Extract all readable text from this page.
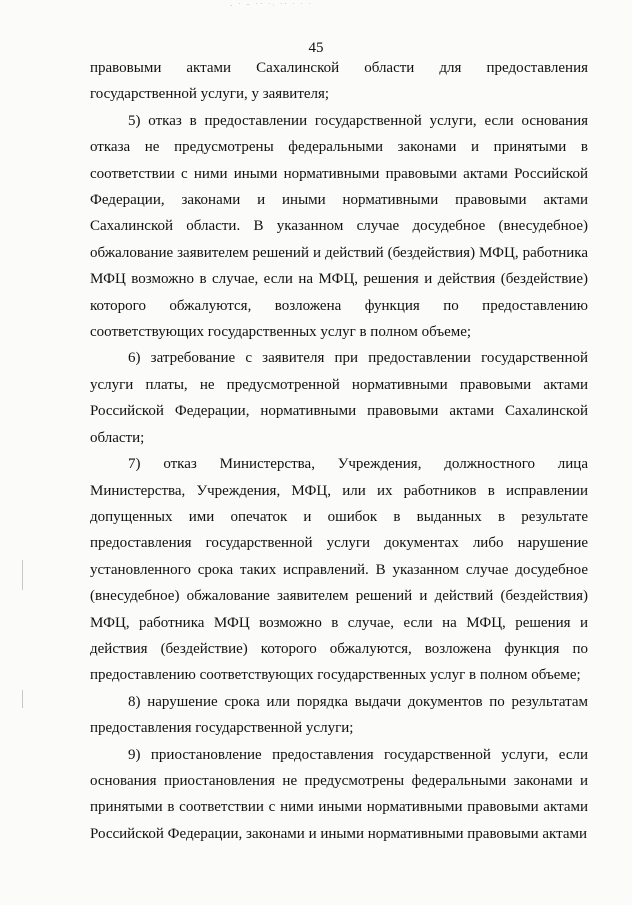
· ˙ ⁻ ˙˙ ˙ˑ ˙˙ ˙ ˙ ˙
45

правовыми актами Сахалинской области для предоставления государственной услуги, у заявителя;

5) отказ в предоставлении государственной услуги, если основания отказа не предусмотрены федеральными законами и принятыми в соответствии с ними иными нормативными правовыми актами Российской Федерации, законами и иными нормативными правовыми актами Сахалинской области. В указанном случае досудебное (внесудебное) обжалование заявителем решений и действий (бездействия) МФЦ, работника МФЦ возможно в случае, если на МФЦ, решения и действия (бездействие) которого обжалуются, возложена функция по предоставлению соответствующих государственных услуг в полном объеме;

6) затребование с заявителя при предоставлении государственной услуги платы, не предусмотренной нормативными правовыми актами Российской Федерации, нормативными правовыми актами Сахалинской области;

7) отказ Министерства, Учреждения, должностного лица Министерства, Учреждения, МФЦ, или их работников в исправлении допущенных ими опечаток и ошибок в выданных в результате предоставления государственной услуги документах либо нарушение установленного срока таких исправлений. В указанном случае досудебное (внесудебное) обжалование заявителем решений и действий (бездействия) МФЦ, работника МФЦ возможно в случае, если на МФЦ, решения и действия (бездействие) которого обжалуются, возложена функция по предоставлению соответствующих государственных услуг в полном объеме;

8) нарушение срока или порядка выдачи документов по результатам предоставления государственной услуги;

9) приостановление предоставления государственной услуги, если основания приостановления не предусмотрены федеральными законами и принятыми в соответствии с ними иными нормативными правовыми актами Российской Федерации, законами и иными нормативными правовыми актами
